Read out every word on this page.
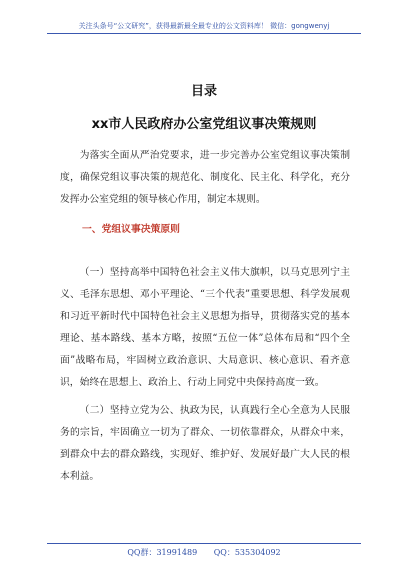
关注头条号“公文研究”，获得最新最全最专业的公文资料库！ 微信：gongwenyj
目录
xx市人民政府办公室党组议事决策规则

为落实全面从严治党要求，进一步完善办公室党组议事决策制度，确保党组议事决策的规范化、制度化、民主化、科学化，充分发挥办公室党组的领导核心作用，制定本规则。

一、党组议事决策原则

（一）坚持高举中国特色社会主义伟大旗帜，以马克思列宁主义、毛泽东思想、邓小平理论、“三个代表”重要思想、科学发展观和习近平新时代中国特色社会主义思想为指导，贯彻落实党的基本理论、基本路线、基本方略，按照“五位一体”总体布局和“四个全面”战略布局，牢固树立政治意识、大局意识、核心意识、看齐意识，始终在思想上、政治上、行动上同党中央保持高度一致。

（二）坚持立党为公、执政为民，认真践行全心全意为人民服务的宗旨，牢固确立一切为了群众、一切依靠群众，从群众中来，到群众中去的群众路线，实现好、维护好、发展好最广大人民的根本利益。

QQ群：31991489 QQ：535304092
